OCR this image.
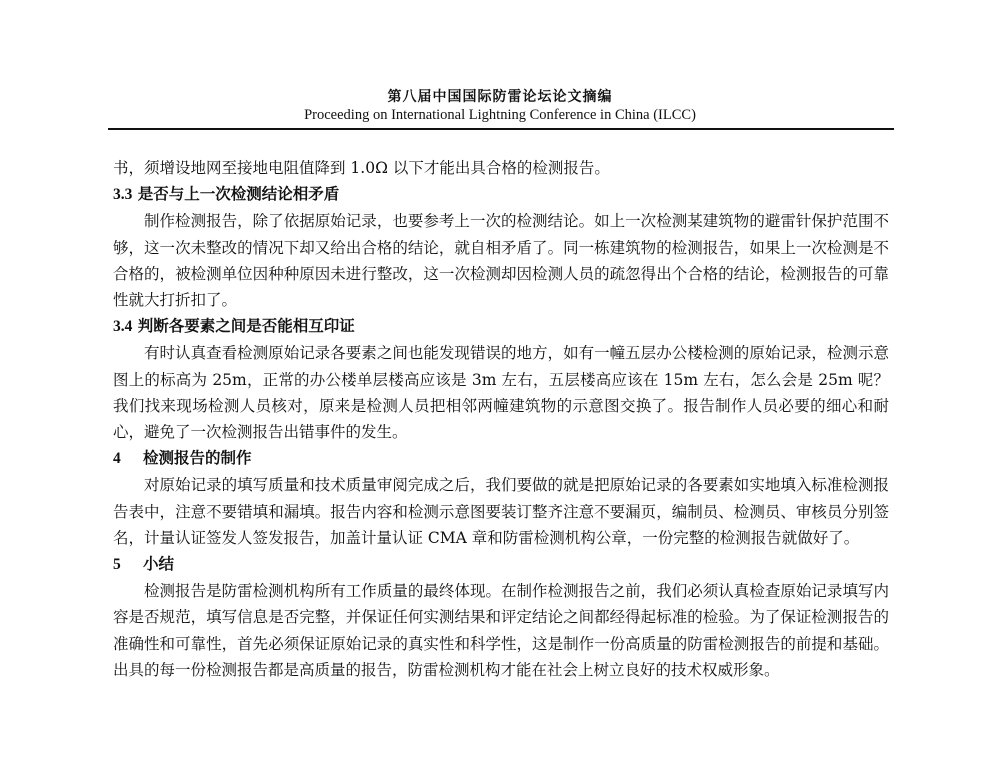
第八届中国国际防雷论坛论文摘编
Proceeding on International Lightning Conference in China (ILCC)

书，须增设地网至接地电阻值降到 1.0Ω 以下才能出具合格的检测报告。

3.3 是否与上一次检测结论相矛盾

制作检测报告，除了依据原始记录，也要参考上一次的检测结论。如上一次检测某建筑物的避雷针保护范围不够，这一次未整改的情况下却又给出合格的结论，就自相矛盾了。同一栋建筑物的检测报告，如果上一次检测是不合格的，被检测单位因种种原因未进行整改，这一次检测却因检测人员的疏忽得出个合格的结论，检测报告的可靠性就大打折扣了。

3.4 判断各要素之间是否能相互印证

有时认真查看检测原始记录各要素之间也能发现错误的地方，如有一幢五层办公楼检测的原始记录，检测示意图上的标高为 25m，正常的办公楼单层楼高应该是 3m 左右，五层楼高应该在 15m 左右，怎么会是 25m 呢？我们找来现场检测人员核对，原来是检测人员把相邻两幢建筑物的示意图交换了。报告制作人员必要的细心和耐心，避免了一次检测报告出错事件的发生。

4 检测报告的制作

对原始记录的填写质量和技术质量审阅完成之后，我们要做的就是把原始记录的各要素如实地填入标准检测报告表中，注意不要错填和漏填。报告内容和检测示意图要装订整齐注意不要漏页，编制员、检测员、审核员分别签名，计量认证签发人签发报告，加盖计量认证 CMA 章和防雷检测机构公章，一份完整的检测报告就做好了。

5 小结

检测报告是防雷检测机构所有工作质量的最终体现。在制作检测报告之前，我们必须认真检查原始记录填写内容是否规范，填写信息是否完整，并保证任何实测结果和评定结论之间都经得起标准的检验。为了保证检测报告的准确性和可靠性，首先必须保证原始记录的真实性和科学性，这是制作一份高质量的防雷检测报告的前提和基础。出具的每一份检测报告都是高质量的报告，防雷检测机构才能在社会上树立良好的技术权威形象。
